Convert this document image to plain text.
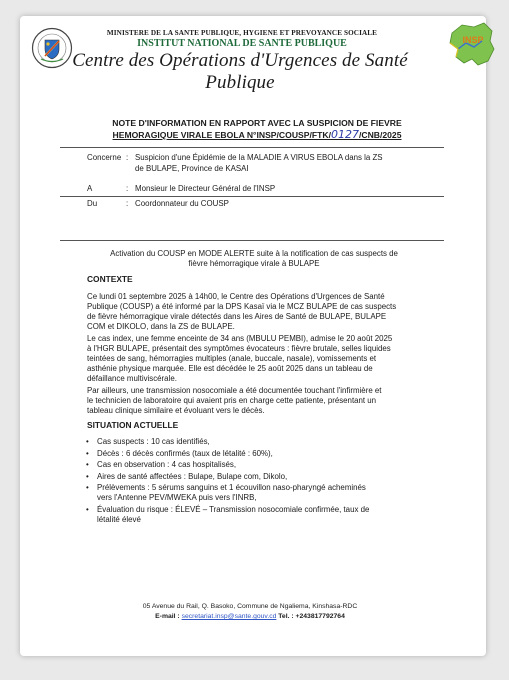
INSP
MINISTERE DE LA SANTE PUBLIQUE, HYGIENE ET PREVOYANCE SOCIALE
INSTITUT NATIONAL DE SANTE PUBLIQUE
Centre des Opérations d'Urgences de Santé Publique
NOTE D'INFORMATION EN RAPPORT AVEC LA SUSPICION DE FIEVRE
HEMORAGIQUE VIRALE EBOLA N°INSP/COUSP/FTK/0127/CNB/2025
Concerne : Suspicion d'une Épidémie de la MALADIE A VIRUS EBOLA dans la ZS
de BULAPE, Province de KASAI
A	: Monsieur le Directeur Général de l'INSP
Du	: Coordonnateur du COUSP
Activation du COUSP en MODE ALERTE suite à la notification de cas suspects de
fièvre hémorragique virale à BULAPE
CONTEXTE
Ce lundi 01 septembre 2025 à 14h00, le Centre des Opérations d'Urgences de Santé
Publique (COUSP) a été informé par la DPS Kasaï via le MCZ BULAPE de cas suspects
de fièvre hémorragique virale détectés dans les Aires de Santé de BULAPE, BULAPE
COM et DIKOLO, dans la ZS de BULAPE.
Le cas index, une femme enceinte de 34 ans (MBULU PEMBI), admise le 20 août 2025
à l'HGR BULAPE, présentait des symptômes évocateurs : fièvre brutale, selles liquides
teintées de sang, hémorragies multiples (anale, buccale, nasale), vomissements et
asthénie physique marquée. Elle est décédée le 25 août 2025 dans un tableau de
défaillance multiviscérale.
Par ailleurs, une transmission nosocomiale a été documentée touchant l'infirmière et
le technicien de laboratoire qui avaient pris en charge cette patiente, présentant un
tableau clinique similaire et évoluant vers le décès.
SITUATION ACTUELLE
• Cas suspects : 10 cas identifiés,
• Décès : 6 décès confirmés (taux de létalité : 60%),
• Cas en observation : 4 cas hospitalisés,
• Aires de santé affectées : Bulape, Bulape com, Dikolo,
• Prélèvements : 5 sérums sanguins et 1 écouvillon naso-pharyngé acheminés
vers l'Antenne PEV/MWEKA puis vers l'INRB,
• Évaluation du risque : ÉLEVÉ – Transmission nosocomiale confirmée, taux de
létalité élevé
05 Avenue du Rail, Q. Basoko, Commune de Ngaliema, Kinshasa-RDC
E-mail : secretariat.insp@sante.gouv.cd Tel. : +243817792764
